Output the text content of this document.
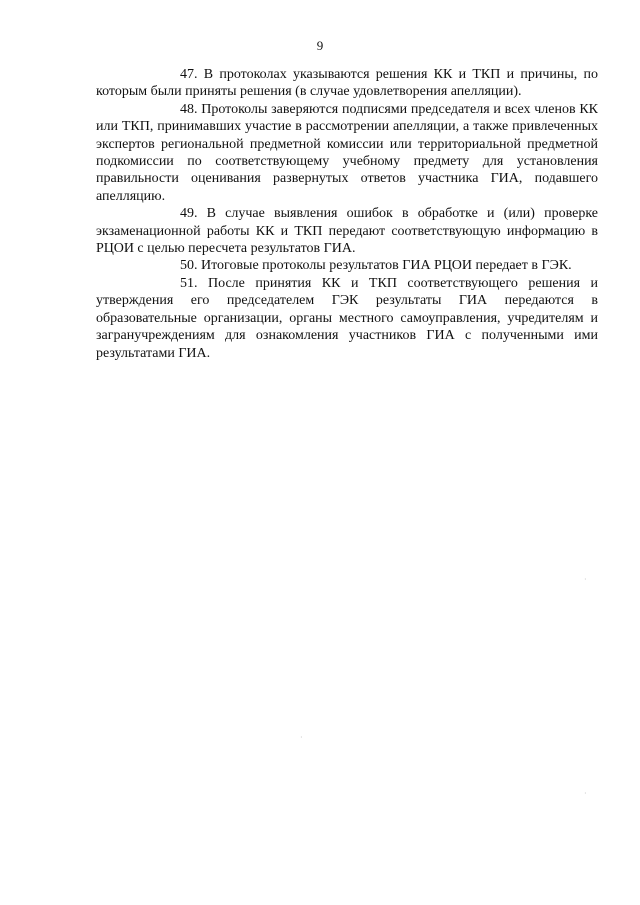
9

47. В протоколах указываются решения КК и ТКП и причины, по которым были приняты решения (в случае удовлетворения апелляции).

48. Протоколы заверяются подписями председателя и всех членов КК или ТКП, принимавших участие в рассмотрении апелляции, а также привлеченных экспертов региональной предметной комиссии или территориальной предметной подкомиссии по соответствующему учебному предмету для установления правильности оценивания развернутых ответов участника ГИА, подавшего апелляцию.

49. В случае выявления ошибок в обработке и (или) проверке экзаменационной работы КК и ТКП передают соответствующую информацию в РЦОИ с целью пересчета результатов ГИА.

50. Итоговые протоколы результатов ГИА РЦОИ передает в ГЭК.

51. После принятия КК и ТКП соответствующего решения и утверждения его председателем ГЭК результаты ГИА передаются в образовательные организации, органы местного самоуправления, учредителям и загранучреждениям для ознакомления участников ГИА с полученными ими результатами ГИА.

·
·
·
